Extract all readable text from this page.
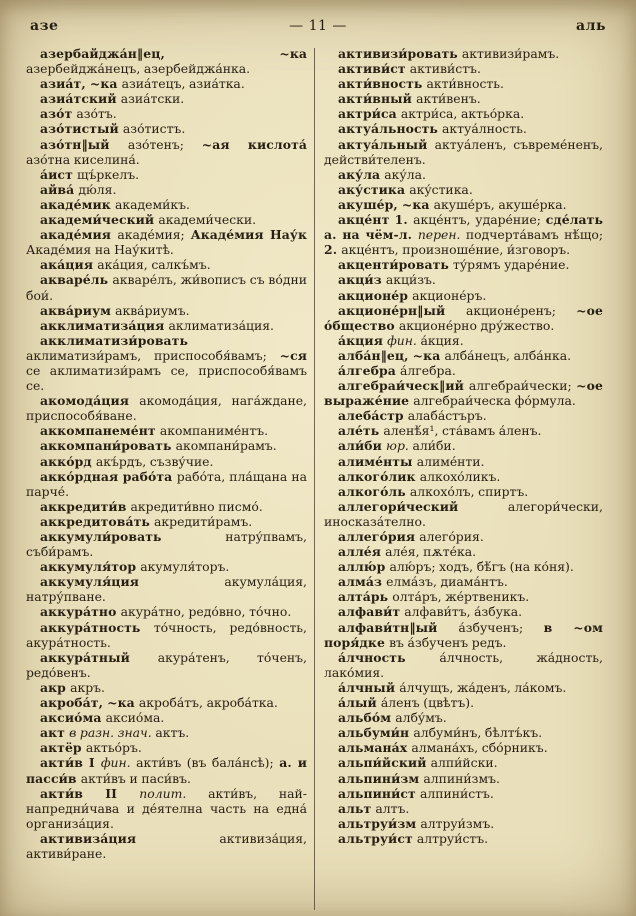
азе	— 11 —	аль

азербайджа́н‖ец, ~ка азербейджа́нецъ, азербейджа́нка.

азиа́т, ~ка азиа́тецъ, азиа́тка.

азиа́тский азиа́тски.

азо́т азо́тъ.

азо́тистый азо́тистъ.

азо́тн‖ый азо́тенъ; ~ая кислота́ азо́тна киселина́.

а́ист щъ́ркелъ.

айва́ дю́ля.

акаде́мик академи́къ.

академи́ческий академи́чески.

акаде́мия акаде́мия; Акаде́мия Нау́к Акаде́мия на Нау́китѣ.

ака́ция ака́ция, салкъ́мъ.

акваре́ль акваре́лъ, жи́вописъ съ во́дни бои́.

аква́риум аква́риумъ.

акклиматиза́ция аклиматиза́ция.

акклиматизи́ровать аклиматизи́рамъ, приспособя́вамъ; ~ся се аклиматизи́рамъ се, приспособя́вамъ се.

акомода́ция акомода́ция, нага́ждане, приспособя́ване.

аккомпанеме́нт акомпаниме́нтъ.

аккомпани́ровать акомпани́рамъ.

акко́рд акъ́рдъ, съзву́чие.

акко́рдная рабо́та рабо́та, пла́щана на парче́.

аккредити́в акредити́вно писмо́.

аккредитова́ть акредити́рамъ.

аккумули́ровать натру́пвамъ, съби́рамъ.

аккумуля́тор акумуля́торъ.

аккумуля́ция акумула́ция, натру́пване.

аккура́тно акура́тно, редо́вно, то́чно.

аккура́тность то́чность, редо́вность, акура́тность.

аккура́тный акура́тенъ, то́ченъ, редо́венъ.

акр акръ.

акроба́т, ~ка акроба́тъ, акроба́тка.

аксио́ма аксио́ма.

акт в разн. знач. актъ.

актёр актьо́ръ.

акти́в I фин. акти́въ (въ бала́нсѣ); а. и пасси́в акти́въ и паси́въ.

акти́в II полит. акти́въ, най-напредни́чава и де́ятелна часть на една́ организа́ция.

активиза́ция активиза́ция, активи́ране.

активизи́ровать активизи́рамъ.

активи́ст активи́стъ.

акти́вность акти́вность.

акти́вный акти́венъ.

актри́са актри́са, актьо́рка.

актуа́льность актуа́лность.

актуа́льный актуа́ленъ, съвреме́ненъ, действи́теленъ.

аку́ла аку́ла.

аку́стика аку́стика.

акуше́р, ~ка акуше́ръ, акуше́рка.

акце́нт 1. акце́нтъ, ударе́ние; сде́лать а. на чём-л. перен. подчерта́вамъ нѣ́що; 2. акце́нтъ, произноше́ние, и́зговоръ.

акценти́ровать ту́рямъ ударе́ние.

акци́з акци́зъ.

акционе́р акционе́ръ.

акционе́рн‖ый акционе́ренъ; ~ое о́бщество акционе́рно дру́жество.

а́кция фин. а́кция.

алба́н‖ец, ~ка алба́нецъ, алба́нка.

а́лгебра а́лгебра.

алгебраи́ческ‖ий алгебраи́чески; ~ое выраже́ние алгебраи́ческа фо́рмула.

алеба́стр алаба́стъръ.

але́ть аленѣ́я¹, ста́вамъ а́ленъ.

али́би юр. али́би.

алиме́нты алиме́нти.

алкого́лик алкохо́ликъ.

алкого́ль алкохо́лъ, спиртъ.

аллегори́ческий алегори́чески, иносказа́телно.

аллего́рия алего́рия.

алле́я але́я, пѫте́ка.

аллю́р алю́ръ; ходъ, бѣ́гъ (на ко́ня).

алма́з елма́зъ, диама́нтъ.

алта́рь олта́ръ, же́ртвеникъ.

алфави́т алфави́тъ, а́збука.

алфави́тн‖ый а́збученъ; в ~ом поря́дке въ а́збученъ редъ.

а́лчность а́лчность, жа́дность, лако́мия.

а́лчный а́лчущъ, жа́денъ, ла́комъ.

а́лый а́ленъ (цвѣтъ).

альбо́м албу́мъ.

альбуми́н албуми́нъ, бѣлтъ́къ.

альмана́х алмана́хъ, сбо́рникъ.

альпи́йский алпи́йски.

альпини́зм алпини́змъ.

альпини́ст алпини́стъ.

альт алтъ.

альтруи́зм алтруи́змъ.

альтруи́ст алтруи́стъ.
